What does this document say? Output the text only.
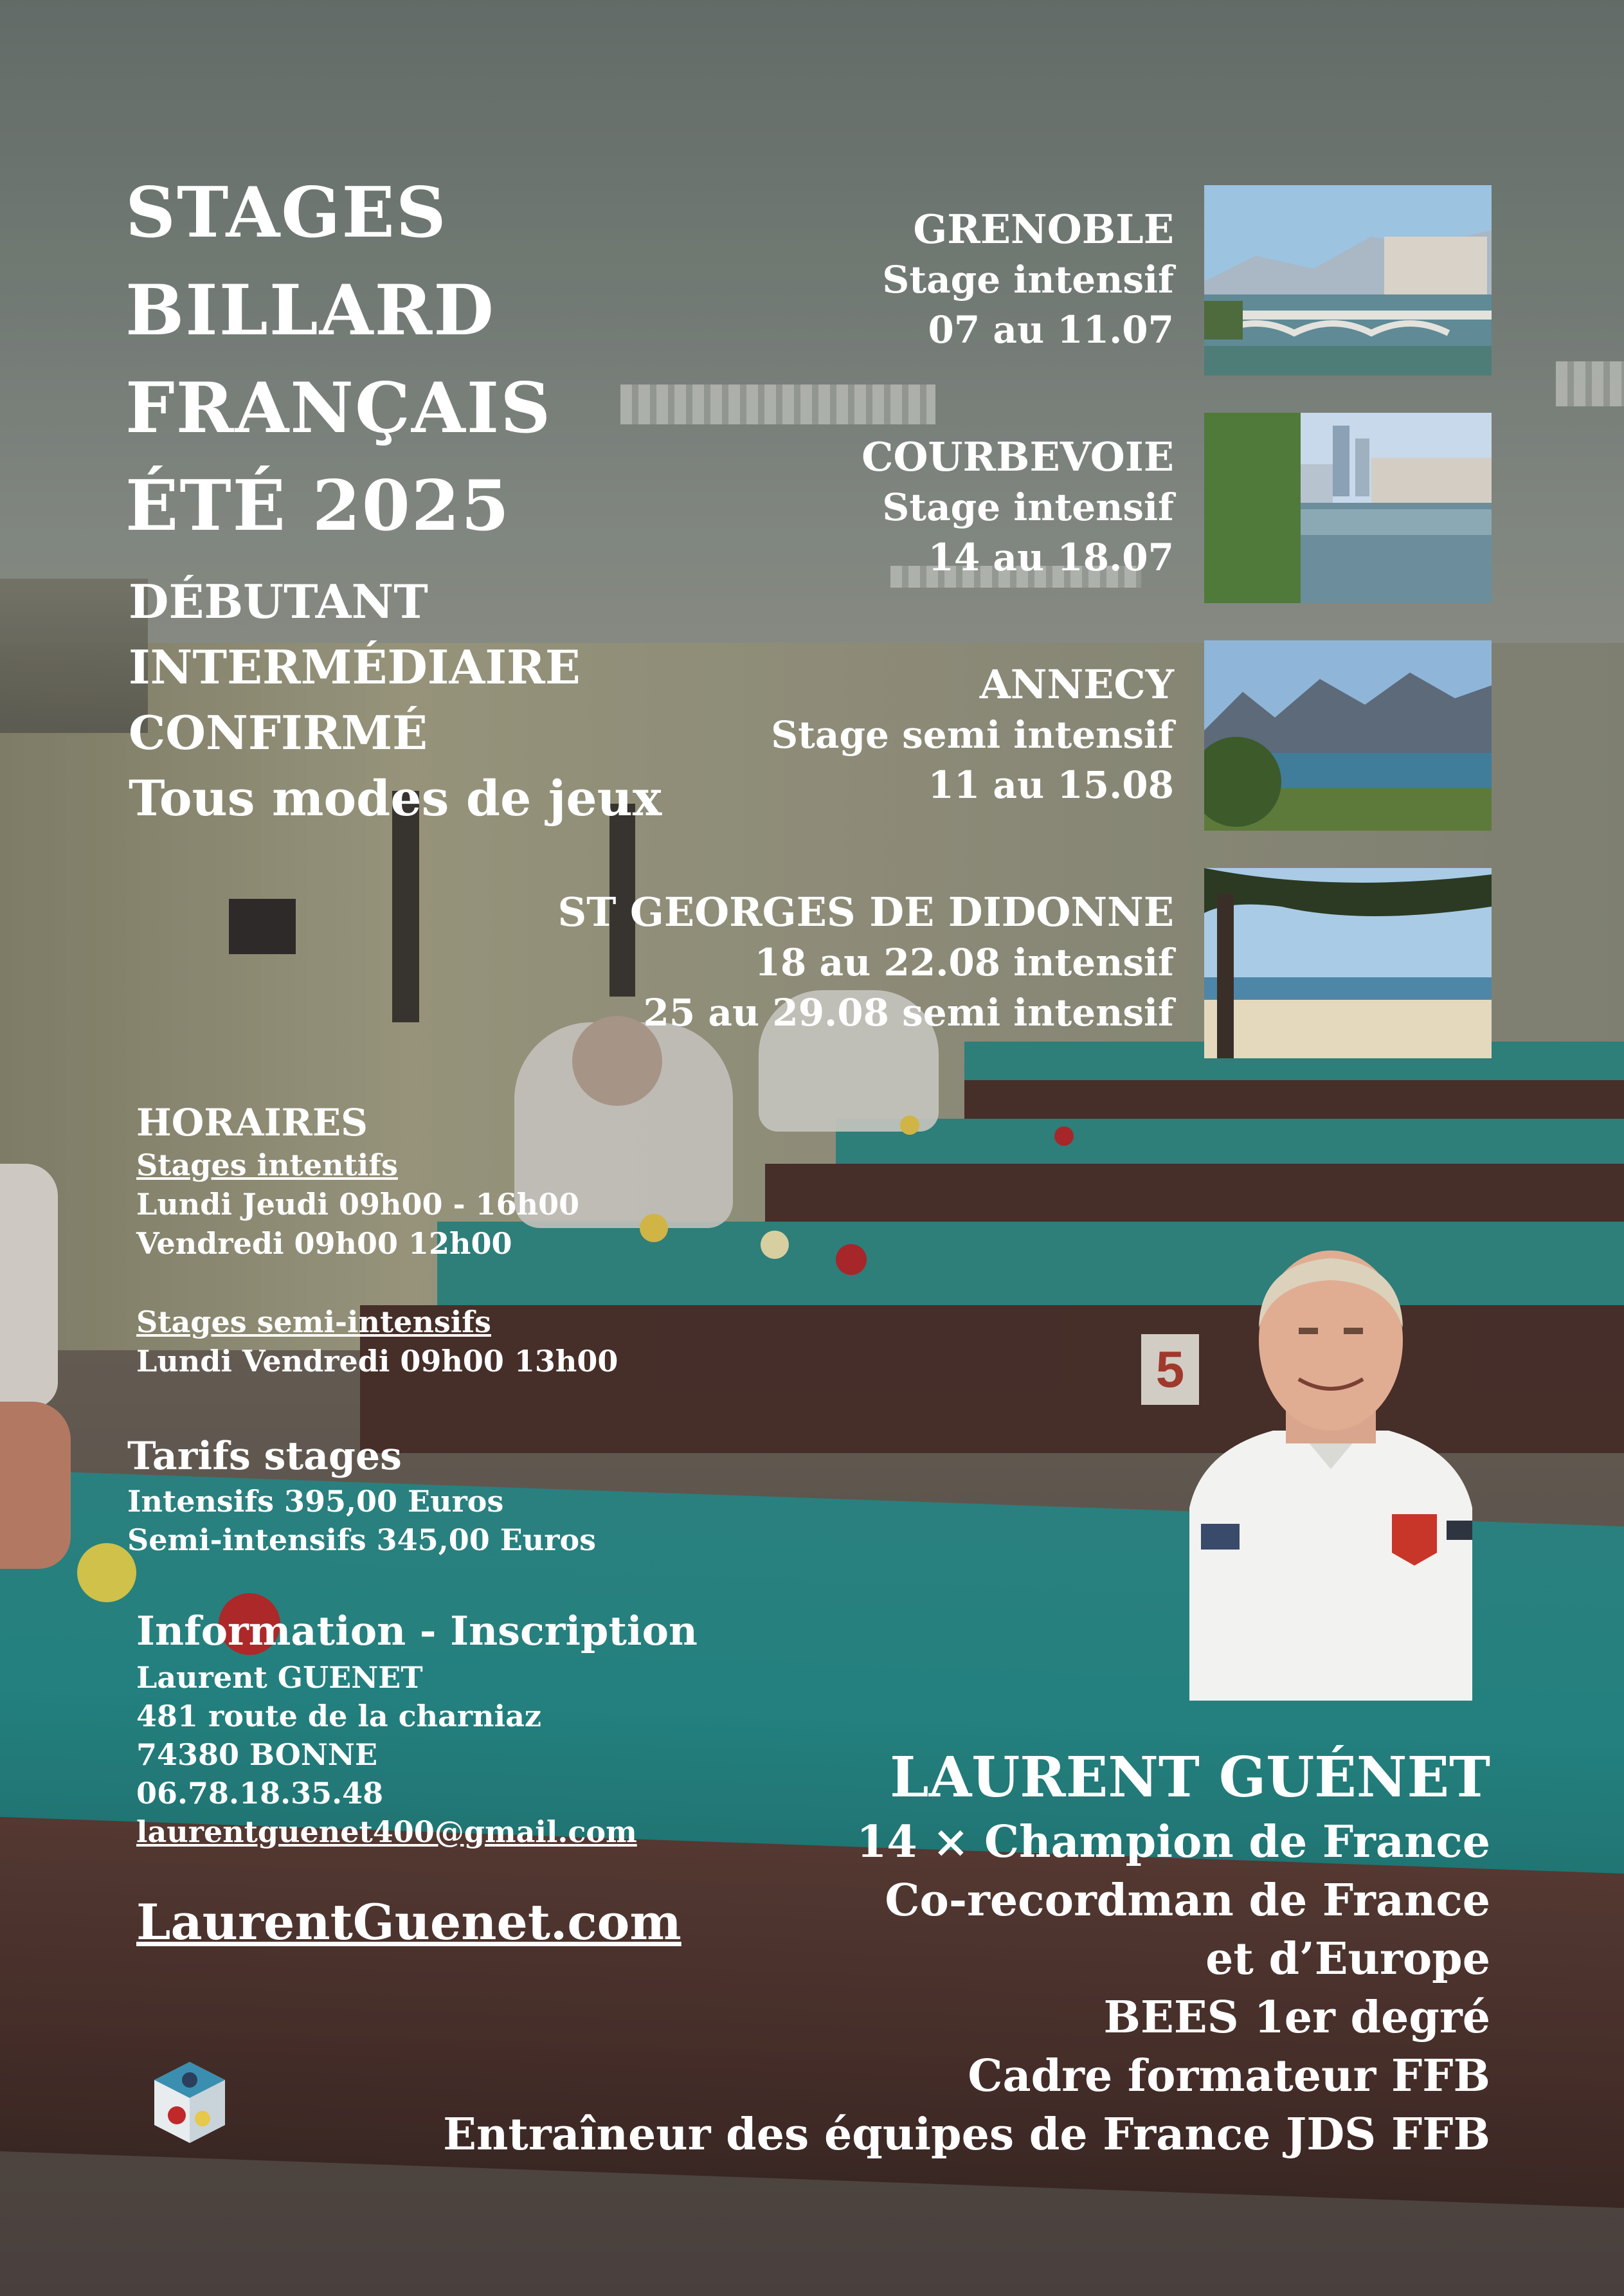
5
STAGES
BILLARD
FRANÇAIS
ÉTÉ 2025
DÉBUTANT
INTERMÉDIAIRE
CONFIRMÉ
Tous modes de jeux
GRENOBLE
Stage intensif
07 au 11.07
COURBEVOIE
Stage intensif
14 au 18.07
ANNECY
Stage semi intensif
11 au 15.08
ST GEORGES DE DIDONNE
18 au 22.08 intensif
25 au 29.08 semi intensif
HORAIRES
Stages intentifs
Lundi Jeudi 09h00 - 16h00
Vendredi 09h00 12h00
Stages semi-intensifs
Lundi Vendredi 09h00 13h00
Tarifs stages
Intensifs 395,00 Euros
Semi-intensifs 345,00 Euros
Information - Inscription
Laurent GUENET
481 route de la charniaz
74380 BONNE
06.78.18.35.48
laurentguenet400@gmail.com
LaurentGuenet.com
LAURENT GUÉNET
14 × Champion de France
Co-recordman de France
et d’Europe
BEES 1er degré
Cadre formateur FFB
Entraîneur des équipes de France JDS FFB
